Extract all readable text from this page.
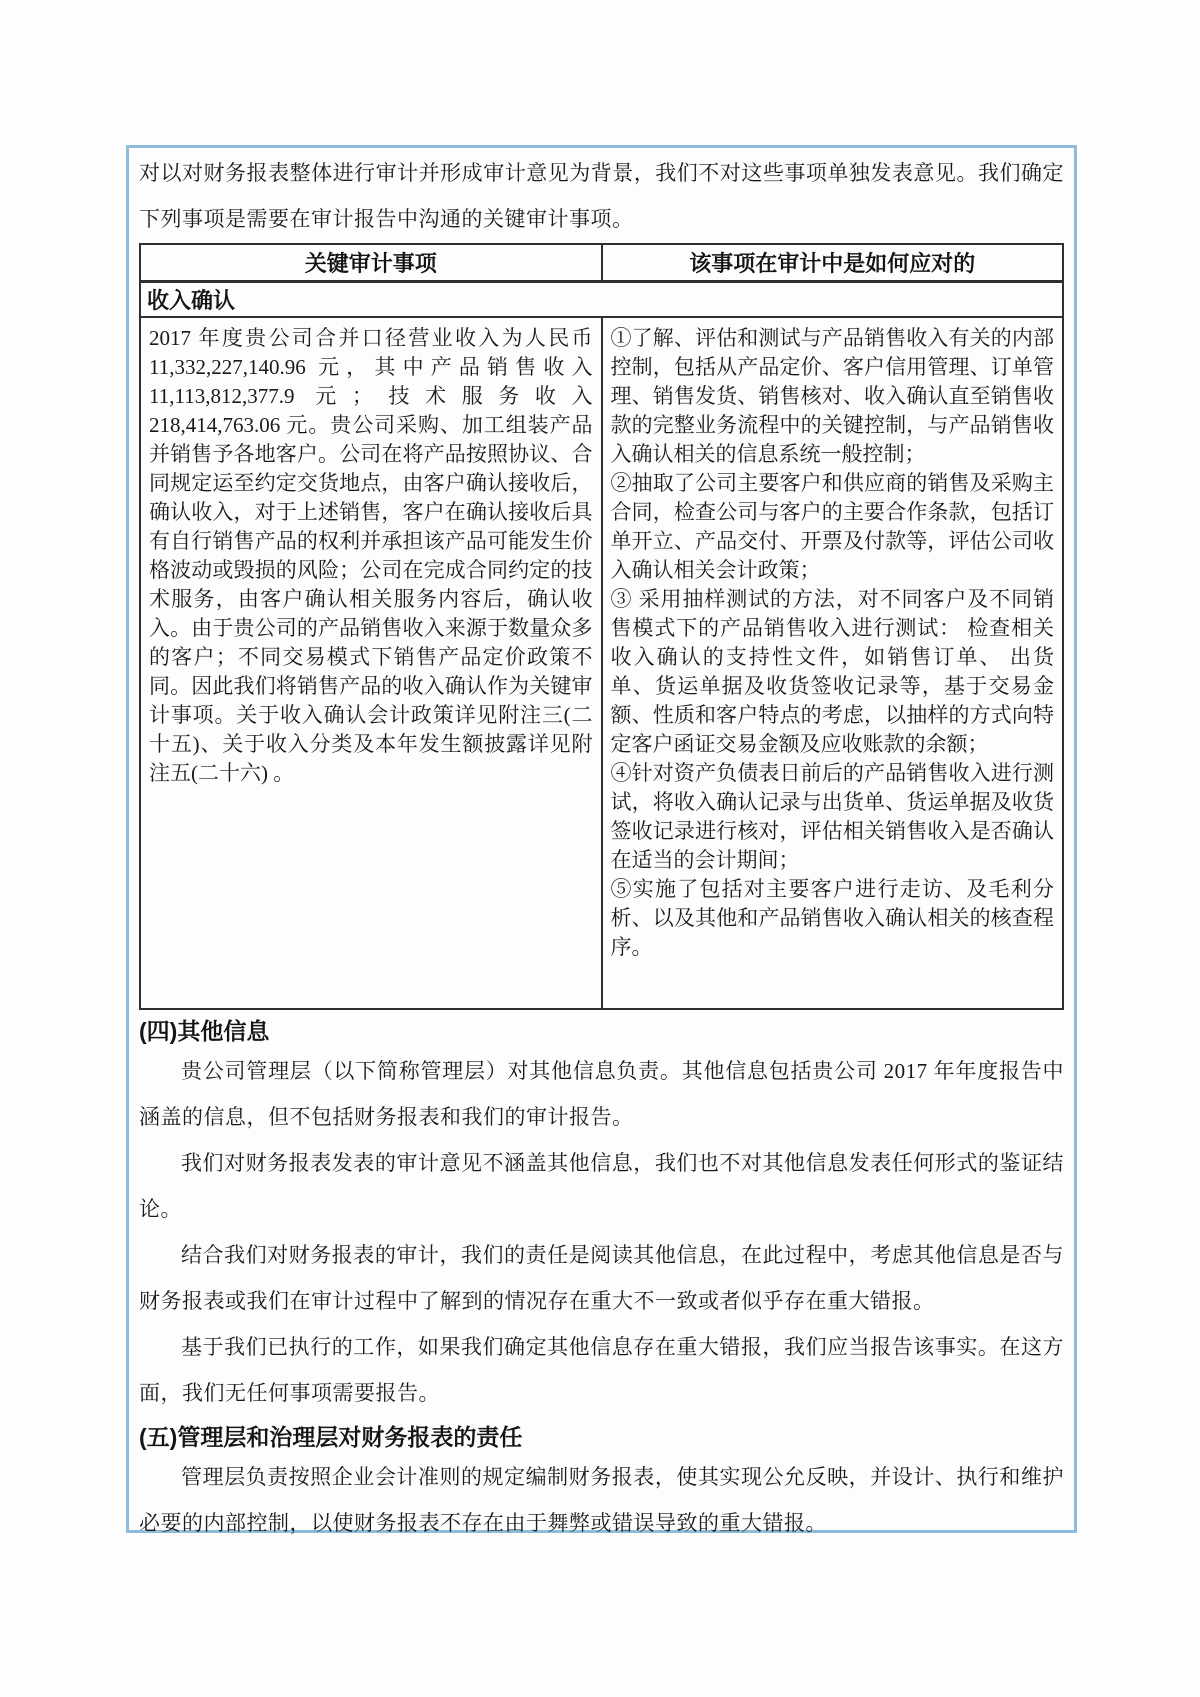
对以对财务报表整体进行审计并形成审计意见为背景，我们不对这些事项单独发表意见。我们确定下列事项是需要在审计报告中沟通的关键审计事项。

关键审计事项	该事项在审计中是如何应对的
收入确认	

2017 年度贵公司合并口径营业收入为人民币 11,332,227,140.96 元，其中产品销售收入 11,113,812,377.9 元；技术服务收入 218,414,763.06 元。贵公司采购、加工组装产品并销售予各地客户。公司在将产品按照协议、合同规定运至约定交货地点，由客户确认接收后，确认收入，对于上述销售，客户在确认接收后具有自行销售产品的权利并承担该产品可能发生价格波动或毁损的风险；公司在完成合同约定的技术服务，由客户确认相关服务内容后，确认收入。由于贵公司的产品销售收入来源于数量众多的客户；不同交易模式下销售产品定价政策不同。因此我们将销售产品的收入确认作为关键审计事项。关于收入确认会计政策详见附注三(二十五)、关于收入分类及本年发生额披露详见附注五(二十六) 。

①了解、评估和测试与产品销售收入有关的内部控制，包括从产品定价、客户信用管理、订单管理、销售发货、销售核对、收入确认直至销售收款的完整业务流程中的关键控制，与产品销售收入确认相关的信息系统一般控制；
②抽取了公司主要客户和供应商的销售及采购主合同，检查公司与客户的主要合作条款，包括订单开立、产品交付、开票及付款等，评估公司收入确认相关会计政策；
③ 采用抽样测试的方法，对不同客户及不同销售模式下的产品销售收入进行测试： 检查相关收入确认的支持性文件，如销售订单、 出货单、货运单据及收货签收记录等，基于交易金额、性质和客户特点的考虑，以抽样的方式向特定客户函证交易金额及应收账款的余额；
④针对资产负债表日前后的产品销售收入进行测试，将收入确认记录与出货单、货运单据及收货签收记录进行核对，评估相关销售收入是否确认在适当的会计期间；
⑤实施了包括对主要客户进行走访、及毛利分析、以及其他和产品销售收入确认相关的核查程序。
(四)其他信息

贵公司管理层（以下简称管理层）对其他信息负责。其他信息包括贵公司 2017 年年度报告中涵盖的信息，但不包括财务报表和我们的审计报告。

我们对财务报表发表的审计意见不涵盖其他信息，我们也不对其他信息发表任何形式的鉴证结论。

结合我们对财务报表的审计，我们的责任是阅读其他信息，在此过程中，考虑其他信息是否与财务报表或我们在审计过程中了解到的情况存在重大不一致或者似乎存在重大错报。

基于我们已执行的工作，如果我们确定其他信息存在重大错报，我们应当报告该事实。在这方面，我们无任何事项需要报告。

(五)管理层和治理层对财务报表的责任

管理层负责按照企业会计准则的规定编制财务报表，使其实现公允反映，并设计、执行和维护必要的内部控制，以使财务报表不存在由于舞弊或错误导致的重大错报。
